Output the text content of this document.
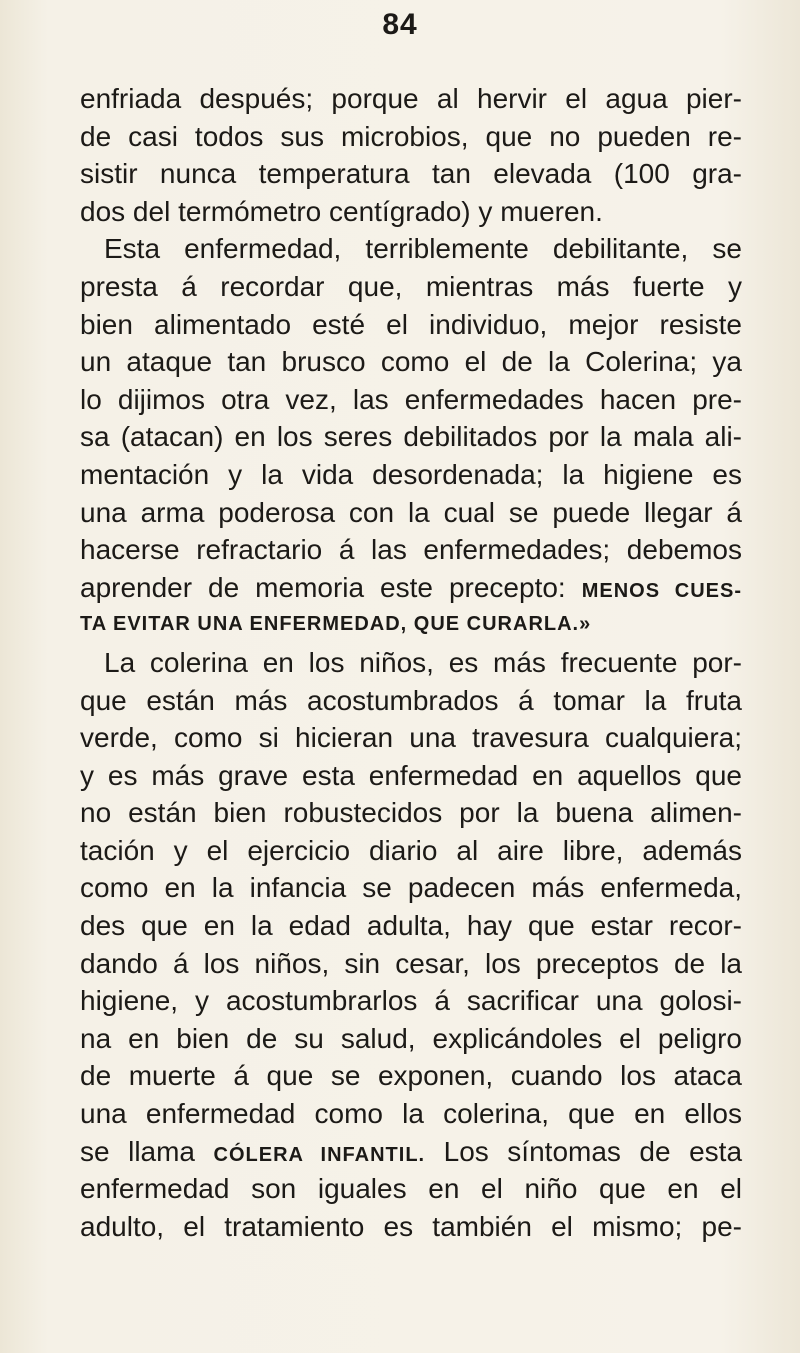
84
enfriada después; porque al hervir el agua pier-
de casi todos sus microbios, que no pueden re-
sistir nunca temperatura tan elevada (100 gra-
dos del termómetro centígrado) y mueren.
Esta enfermedad, terriblemente debilitante, se
presta á recordar que, mientras más fuerte y
bien alimentado esté el individuo, mejor resiste
un ataque tan brusco como el de la Colerina; ya
lo dijimos otra vez, las enfermedades hacen pre-
sa (atacan) en los seres debilitados por la mala ali-
mentación y la vida desordenada; la higiene es
una arma poderosa con la cual se puede llegar á
hacerse refractario á las enfermedades; debemos
aprender de memoria este precepto: MENOS CUES-
TA EVITAR UNA ENFERMEDAD, QUE CURARLA.»
La colerina en los niños, es más frecuente por-
que están más acostumbrados á tomar la fruta
verde, como si hicieran una travesura cualquiera;
y es más grave esta enfermedad en aquellos que
no están bien robustecidos por la buena alimen-
tación y el ejercicio diario al aire libre, además
como en la infancia se padecen más enfermeda,
des que en la edad adulta, hay que estar recor-
dando á los niños, sin cesar, los preceptos de la
higiene, y acostumbrarlos á sacrificar una golosi-
na en bien de su salud, explicándoles el peligro
de muerte á que se exponen, cuando los ataca
una enfermedad como la colerina, que en ellos
se llama CÓLERA INFANTIL. Los síntomas de esta
enfermedad son iguales en el niño que en el
adulto, el tratamiento es también el mismo; pe-
